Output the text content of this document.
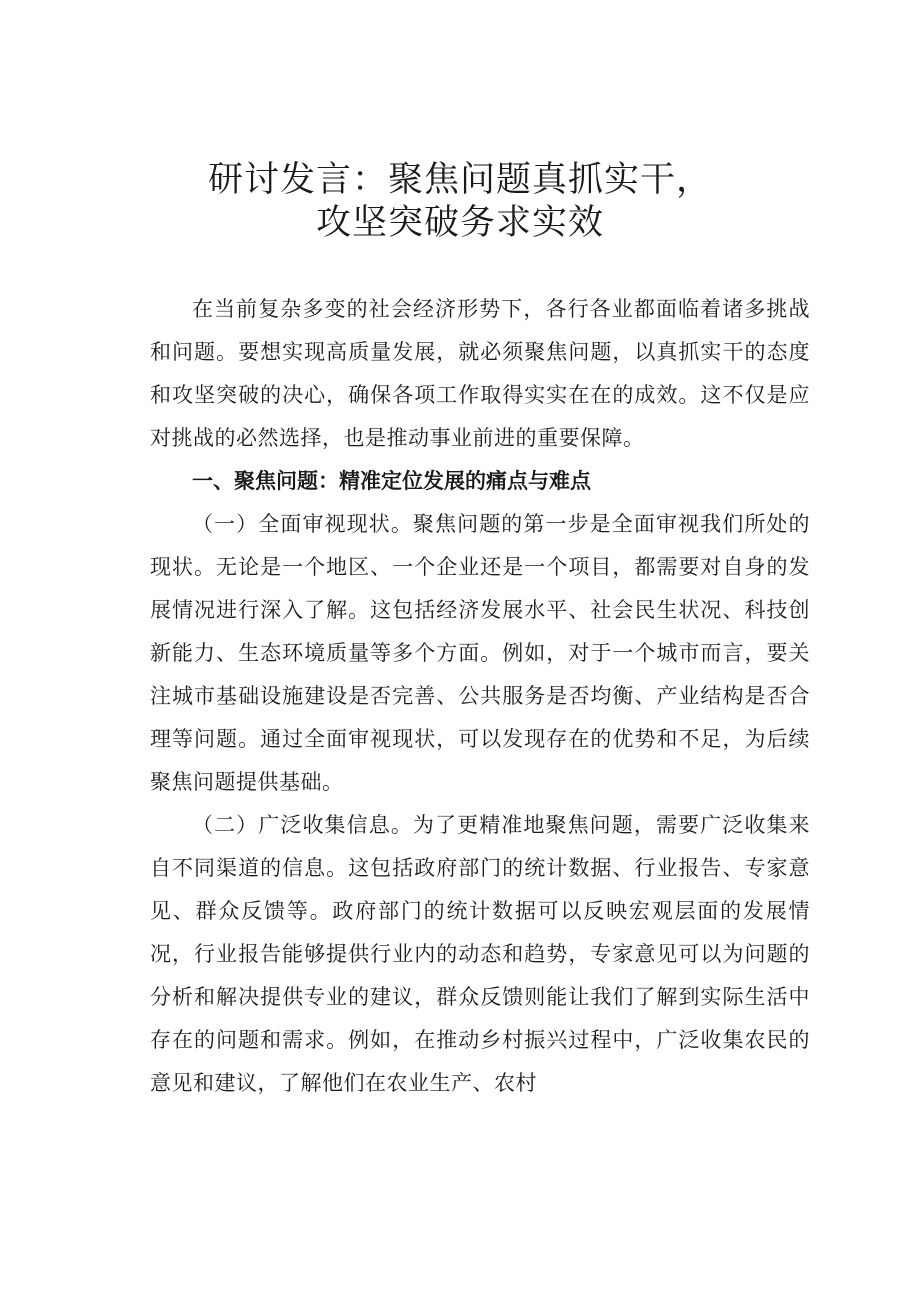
研讨发言：聚焦问题真抓实干，
攻坚突破务求实效

在当前复杂多变的社会经济形势下，各行各业都面临着诸多挑战和问题。要想实现高质量发展，就必须聚焦问题，以真抓实干的态度和攻坚突破的决心，确保各项工作取得实实在在的成效。这不仅是应对挑战的必然选择，也是推动事业前进的重要保障。

一、聚焦问题：精准定位发展的痛点与难点

（一）全面审视现状。聚焦问题的第一步是全面审视我们所处的现状。无论是一个地区、一个企业还是一个项目，都需要对自身的发展情况进行深入了解。这包括经济发展水平、社会民生状况、科技创新能力、生态环境质量等多个方面。例如，对于一个城市而言，要关注城市基础设施建设是否完善、公共服务是否均衡、产业结构是否合理等问题。通过全面审视现状，可以发现存在的优势和不足，为后续聚焦问题提供基础。

（二）广泛收集信息。为了更精准地聚焦问题，需要广泛收集来自不同渠道的信息。这包括政府部门的统计数据、行业报告、专家意见、群众反馈等。政府部门的统计数据可以反映宏观层面的发展情况，行业报告能够提供行业内的动态和趋势，专家意见可以为问题的分析和解决提供专业的建议，群众反馈则能让我们了解到实际生活中存在的问题和需求。例如，在推动乡村振兴过程中，广泛收集农民的意见和建议，了解他们在农业生产、农村
